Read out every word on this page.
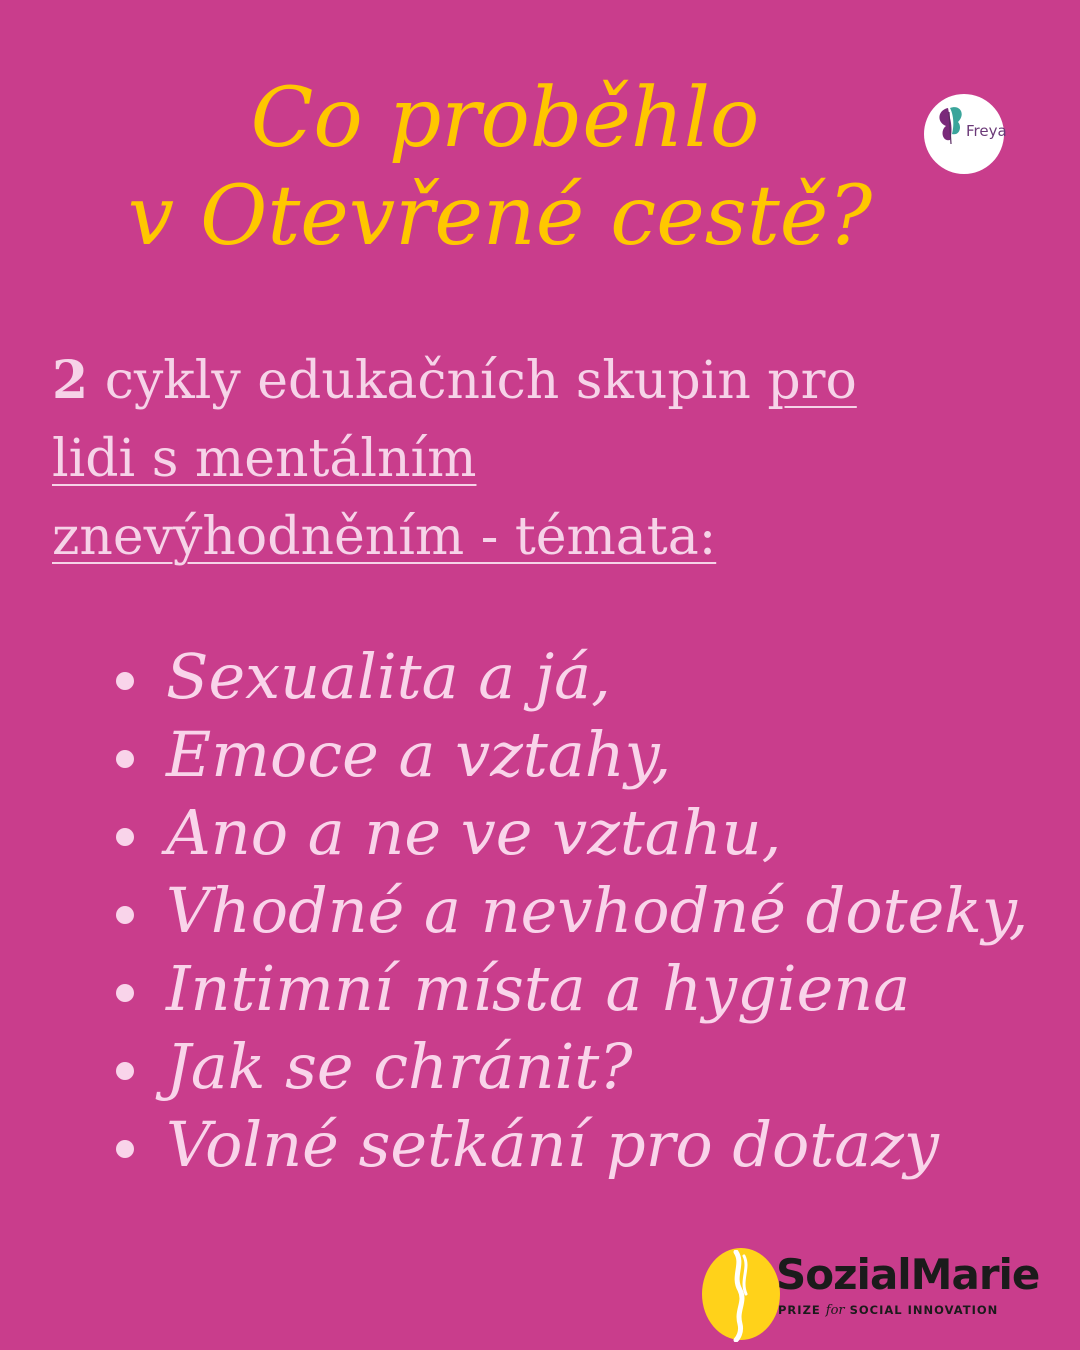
Co proběhlo
v Otevřené cestě?
Freya

2 cykly edukačních skupin pro
lidi s mentálním
znevýhodněním - témata:

Sexualita a já,
Emoce a vztahy,
Ano a ne ve vztahu,
Vhodné a nevhodné doteky,
Intimní místa a hygiena
Jak se chránit?
Volné setkání pro dotazy
SozialMarie
PRIZE for SOCIAL INNOVATION
